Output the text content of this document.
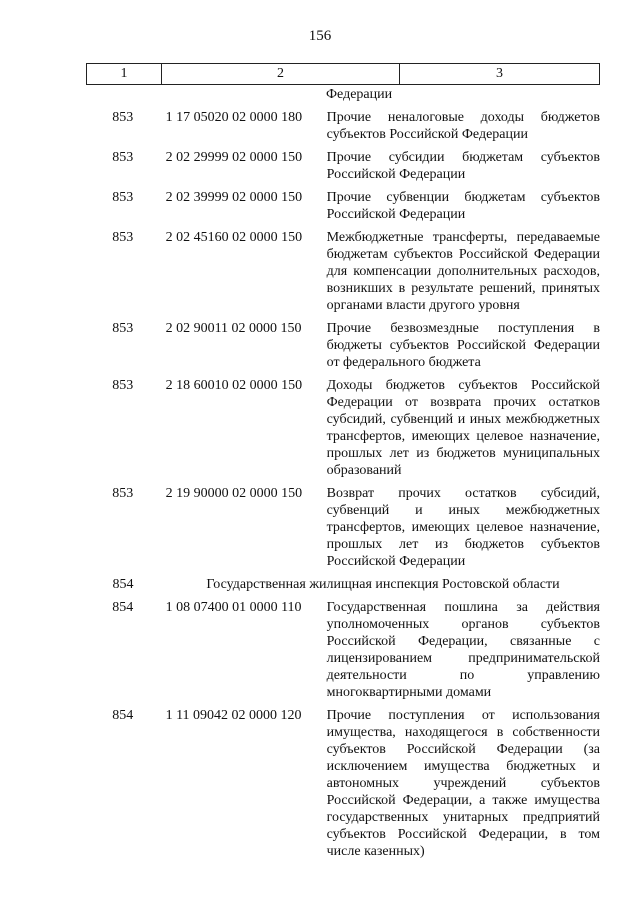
156
1	2	3
Федерации
853	1 17 05020 02 0000 180	Прочие неналоговые доходы бюджетов субъектов Российской Федерации
853	2 02 29999 02 0000 150	Прочие субсидии бюджетам субъектов Российской Федерации
853	2 02 39999 02 0000 150	Прочие субвенции бюджетам субъектов Российской Федерации
853	2 02 45160 02 0000 150	Межбюджетные трансферты, передаваемые бюджетам субъектов Российской Федерации для компенсации дополнительных расходов, возникших в результате решений, принятых органами власти другого уровня
853	2 02 90011 02 0000 150	Прочие безвозмездные поступления в бюджеты субъектов Российской Федерации от федерального бюджета
853	2 18 60010 02 0000 150	Доходы бюджетов субъектов Российской Федерации от возврата прочих остатков субсидий, субвенций и иных межбюджетных трансфертов, имеющих целевое назначение, прошлых лет из бюджетов муниципальных образований
853	2 19 90000 02 0000 150	Возврат прочих остатков субсидий, субвенций и иных межбюджетных трансфертов, имеющих целевое назначение, прошлых лет из бюджетов субъектов Российской Федерации
854	Государственная жилищная инспекция Ростовской области
854	1 08 07400 01 0000 110	Государственная пошлина за действия уполномоченных органов субъектов Российской Федерации, связанные с лицензированием предпринимательской деятельности по управлению многоквартирными домами
854	1 11 09042 02 0000 120	Прочие поступления от использования имущества, находящегося в собственности субъектов Российской Федерации (за исключением имущества бюджетных и автономных учреждений субъектов Российской Федерации, а также имущества государственных унитарных предприятий субъектов Российской Федерации, в том числе казенных)
